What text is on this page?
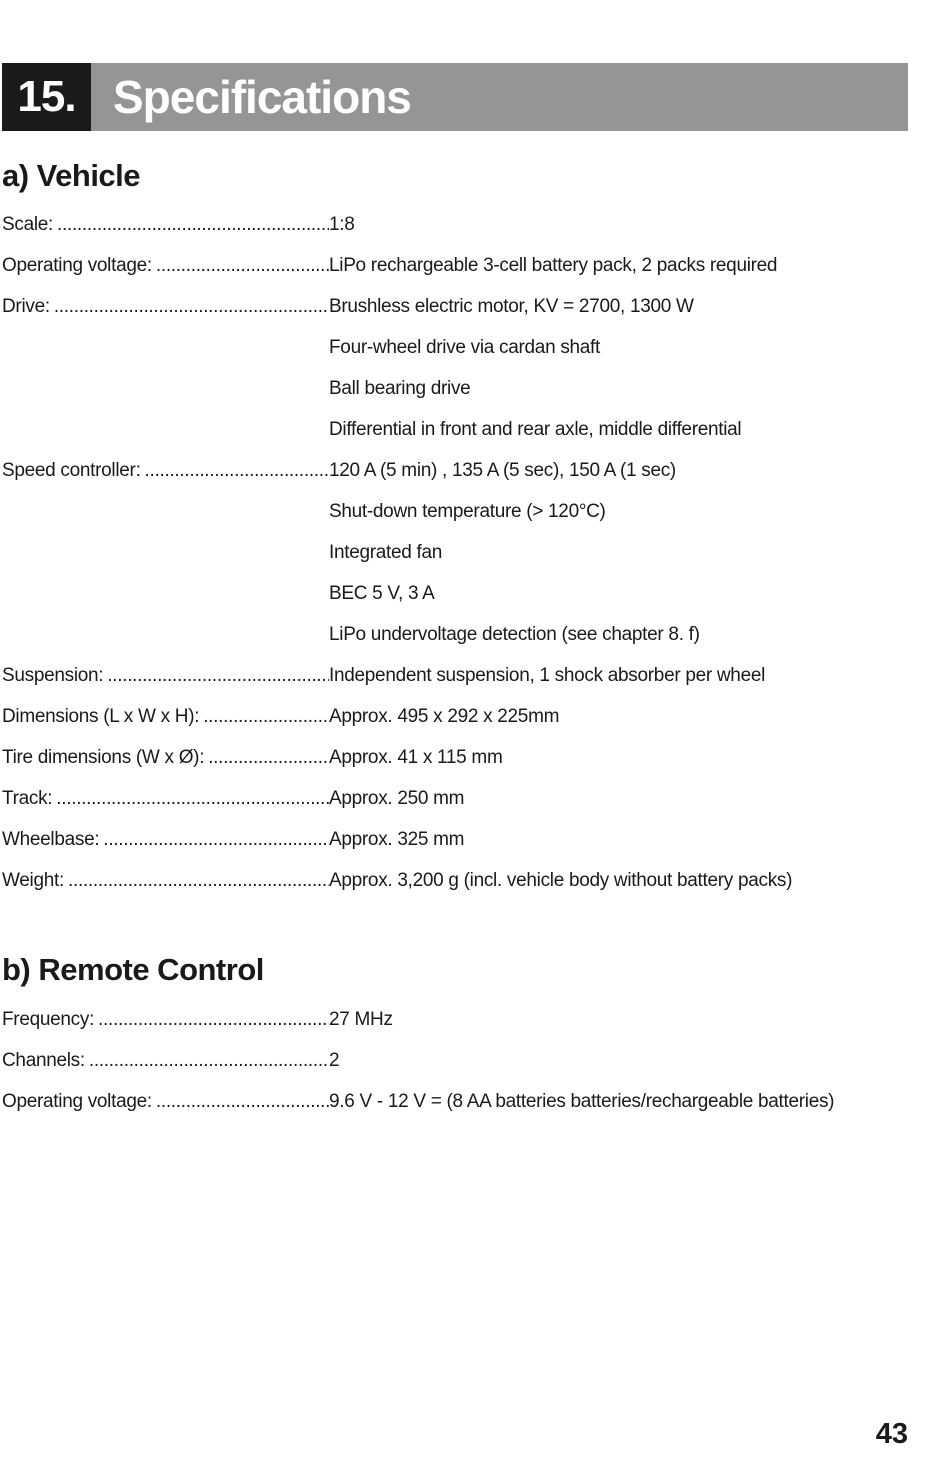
15. Specifications
a) Vehicle
Scale: .....	1:8
Operating voltage: .....	LiPo rechargeable 3-cell battery pack, 2 packs required
Drive: .....	Brushless electric motor, KV = 2700, 1300 W
Four-wheel drive via cardan shaft
Ball bearing drive
Differential in front and rear axle, middle differential
Speed controller: .....	120 A (5 min) , 135 A (5 sec), 150 A (1 sec)
Shut-down temperature (> 120°C)
Integrated fan
BEC 5 V, 3 A
LiPo undervoltage detection (see chapter 8. f)
Suspension: .....	Independent suspension, 1 shock absorber per wheel
Dimensions (L x W x H): .....	Approx. 495 x 292 x 225mm
Tire dimensions (W x Ø): .....	Approx. 41 x 115 mm
Track: .....	Approx. 250 mm
Wheelbase: .....	Approx. 325 mm
Weight: .....	Approx. 3,200 g (incl. vehicle body without battery packs)
b) Remote Control
Frequency: .....	27 MHz
Channels: .....	2
Operating voltage: .....	9.6 V - 12 V = (8 AA batteries batteries/rechargeable batteries)
43
